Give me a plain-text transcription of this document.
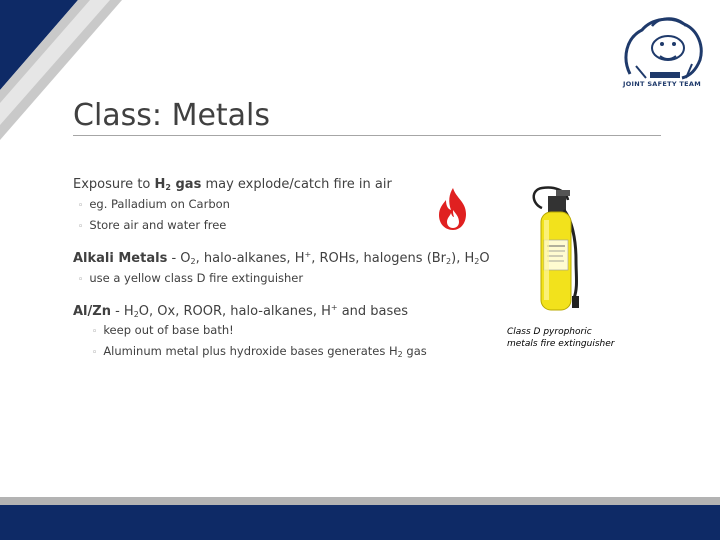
JOINT SAFETY TEAM
Class: Metals
Exposure to $H_2$ gas may explode/catch fire in air
◦ eg. Palladium on Carbon
◦ Store air and water free
Alkali Metals - $O_2$, halo-alkanes, H+, ROHs, halogens $(Br_2)$, $H_2O$
◦ use a yellow class D fire extinguisher
$Al/Zn - H_2O$, Ox, ROOR, halo-alkanes, H+ and bases
◦ keep out of base bath!
◦ Aluminum metal plus hydroxide bases generates $H_2$ gas
Class D pyrophoric
metals fire extinguisher
